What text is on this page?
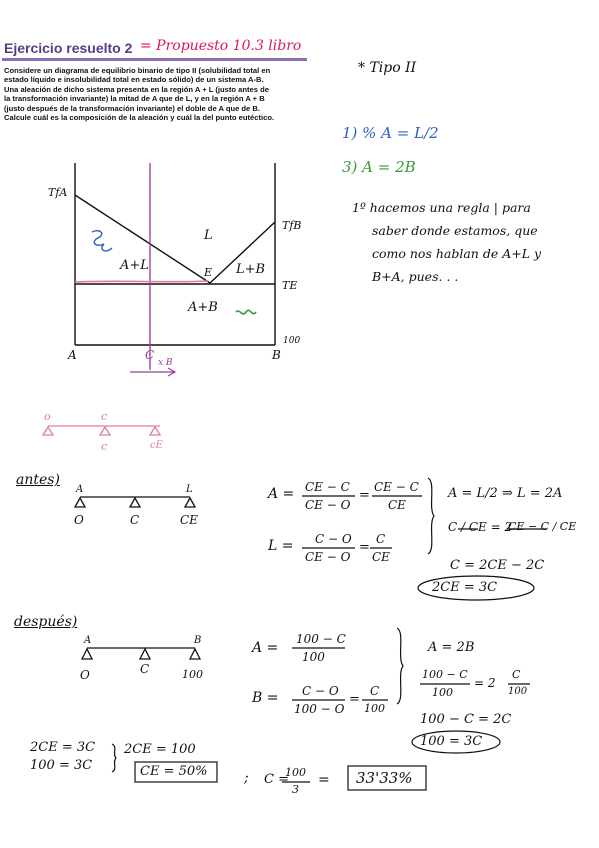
Ejercicio resuelto 2 = Propuesto 10.3 libro
Considere un diagrama de equilibrio binario de tipo II (solubilidad total en
estado líquido e insolubilidad total en estado sólido) de un sistema A-B.
Una aleación de dicho sistema presenta en la región A + L (justo antes de
la transformación invariante) la mitad de A que de L, y en la región A + B
(justo después de la transformación invariante) el doble de A que de B.
Calcule cuál es la composición de la aleación y cuál la del punto eutéctico.
* Tipo II
1) % A = L/2
3) A = 2B
1º hacemos una regla | para
saber donde estamos, que
como nos hablan de A+L y
B+A, pues. . .
TfA
TfB
TE
L
A+L	L+B
E
A+B
A	B
100
C
x B
o	c
c	cE
antes)
A	L
O	C	CE
A = CE − C
CE − O
=
CE − C
CE
L = C − O
CE − O
=
C
CE
A = L/2 ⇒ L = 2A
C / CE = 2
CE − C / CE
C = 2CE − 2C
2CE = 3C
después)
A	B
O	C	100
A =
100 − C
100
B = C − O
100 − O
=
C
100
A = 2B
100 − C
100
= 2
C
100
100 − C = 2C
100 = 3C
2CE = 3C
100 = 3C
2CE = 100
CE = 50%	; C =
100
3
= 33'33%
